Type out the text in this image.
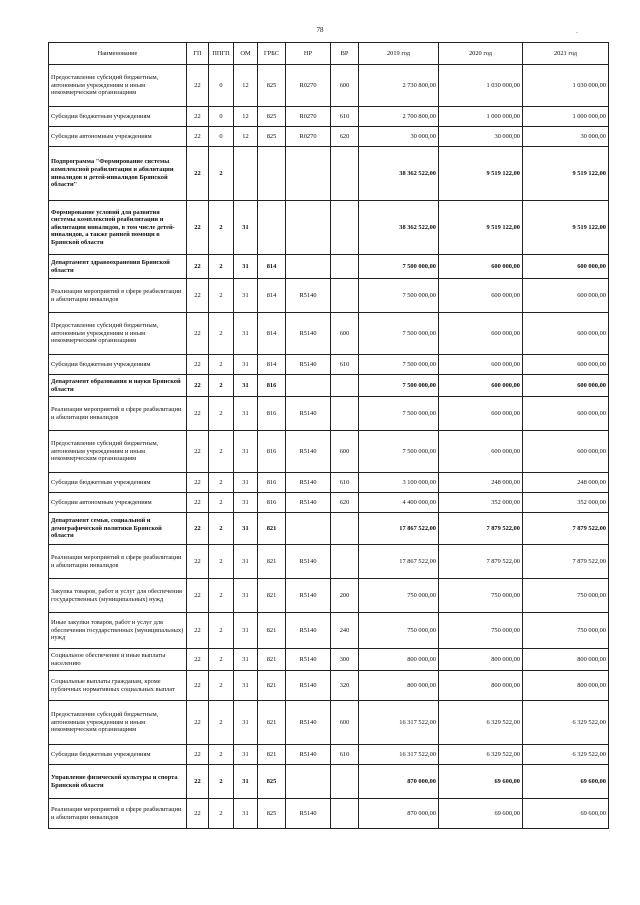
78	-
Наименование	ГП	ППГП	ОМ	ГРБС	НР	ВР	2019 год	2020 год	2021 год
Предоставление субсидий бюджетным, автономным учреждениям и иным некоммерческим организациям	22	0	12	825	R0270	600	2 730 800,00	1 030 000,00	1 030 000,00
Субсидии бюджетным учреждениям	22	0	12	825	R0270	610	2 700 800,00	1 000 000,00	1 000 000,00
Субсидии автономным учреждениям	22	0	12	825	R0270	620	30 000,00	30 000,00	30 000,00
Подпрограмма "Формирование системы комплексной реабилитации и абилитации инвалидов и детей-инвалидов Брянской области"	22	2					38 362 522,00	9 519 122,00	9 519 122,00
Формирование условий для развития системы комплексной реабилитации и абилитации инвалидов, в том числе детей-инвалидов, а также ранней помощи в Брянской области	22	2	31				38 362 522,00	9 519 122,00	9 519 122,00
Департамент здравоохранения Брянской области	22	2	31	814			7 500 000,00	600 000,00	600 000,00
Реализация мероприятий в сфере реабилитации и абилитации инвалидов	22	2	31	814	R5140		7 500 000,00	600 000,00	600 000,00
Предоставление субсидий бюджетным, автономным учреждениям и иным некоммерческим организациям	22	2	31	814	R5140	600	7 500 000,00	600 000,00	600 000,00
Субсидии бюджетным учреждениям	22	2	31	814	R5140	610	7 500 000,00	600 000,00	600 000,00
Департамент образования и науки Брянской области	22	2	31	816			7 500 000,00	600 000,00	600 000,00
Реализация мероприятий в сфере реабилитации и абилитации инвалидов	22	2	31	816	R5140		7 500 000,00	600 000,00	600 000,00
Предоставление субсидий бюджетным, автономным учреждениям и иным некоммерческим организациям	22	2	31	816	R5140	600	7 500 000,00	600 000,00	600 000,00
Субсидии бюджетным учреждениям	22	2	31	816	R5140	610	3 100 000,00	248 000,00	248 000,00
Субсидии автономным учреждениям	22	2	31	816	R5140	620	4 400 000,00	352 000,00	352 000,00
Департамент семьи, социальной и демографической политики Брянской области	22	2	31	821			17 867 522,00	7 879 522,00	7 879 522,00
Реализация мероприятий в сфере реабилитации и абилитации инвалидов	22	2	31	821	R5140		17 867 522,00	7 879 522,00	7 879 522,00
Закупка товаров, работ и услуг для обеспечения государственных (муниципальных) нужд	22	2	31	821	R5140	200	750 000,00	750 000,00	750 000,00
Иные закупки товаров, работ и услуг для обеспечения государственных (муниципальных) нужд	22	2	31	821	R5140	240	750 000,00	750 000,00	750 000,00
Социальное обеспечение и иные выплаты населению	22	2	31	821	R5140	300	800 000,00	800 000,00	800 000,00
Социальные выплаты гражданам, кроме публичных нормативных социальных выплат	22	2	31	821	R5140	320	800 000,00	800 000,00	800 000,00
Предоставление субсидий бюджетным, автономным учреждениям и иным некоммерческим организациям	22	2	31	821	R5140	600	16 317 522,00	6 329 522,00	6 329 522,00
Субсидии бюджетным учреждениям	22	2	31	821	R5140	610	16 317 522,00	6 329 522,00	6 329 522,00
Управление физической культуры и спорта Брянской области	22	2	31	825			870 000,00	69 600,00	69 600,00
Реализация мероприятий в сфере реабилитации и абилитации инвалидов	22	2	31	825	R5140		870 000,00	69 600,00	69 600,00
